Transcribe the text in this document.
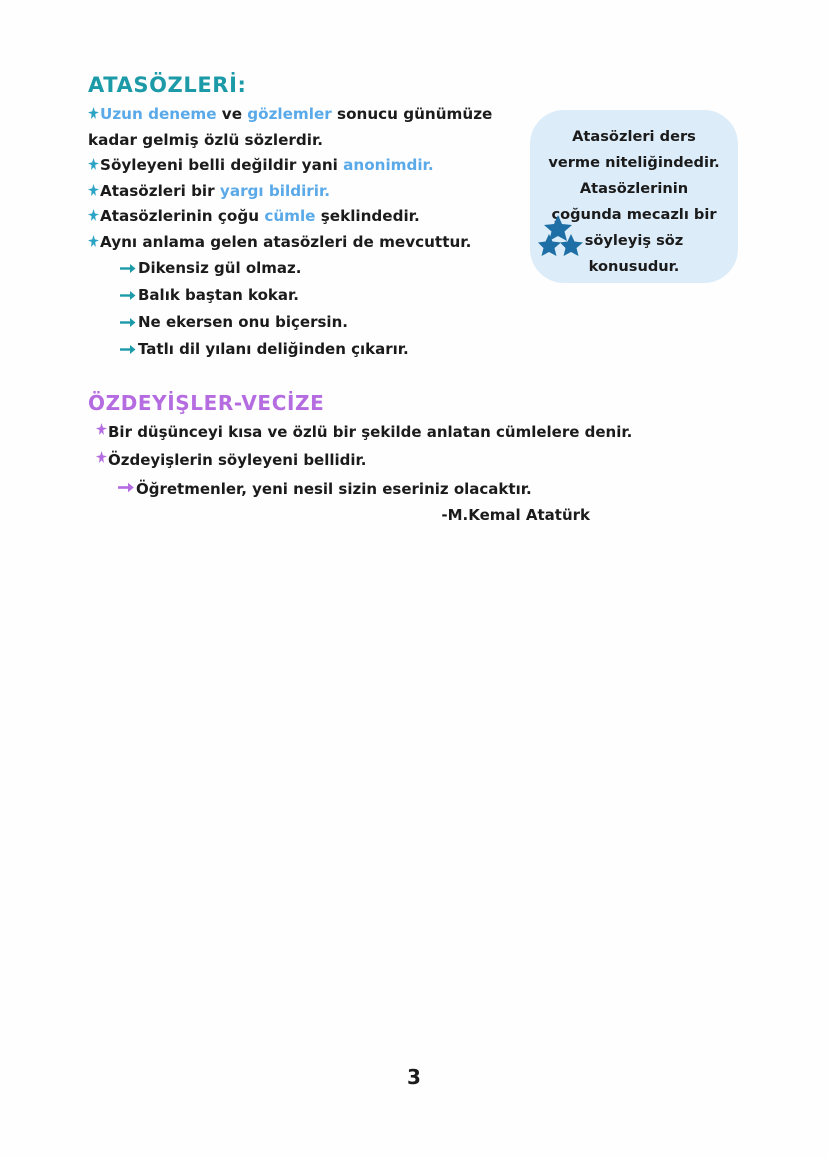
ATASÖZLERİ:
Uzun deneme ve gözlemler sonucu günümüze
kadar gelmiş özlü sözlerdir.
Söyleyeni belli değildir yani anonimdir.
Atasözleri bir yargı bildirir.
Atasözlerinin çoğu cümle şeklindedir.
Aynı anlama gelen atasözleri de mevcuttur.
Dikensiz gül olmaz.
Balık baştan kokar.
Ne ekersen onu biçersin.
Tatlı dil yılanı deliğinden çıkarır.
Atasözleri ders
verme niteliğindedir.
Atasözlerinin
çoğunda mecazlı bir
söyleyiş söz
konusudur.
ÖZDEYİŞLER-VECİZE
Bir düşünceyi kısa ve özlü bir şekilde anlatan cümlelere denir.
Özdeyişlerin söyleyeni bellidir.
Öğretmenler, yeni nesil sizin eseriniz olacaktır.
-M.Kemal Atatürk
3
